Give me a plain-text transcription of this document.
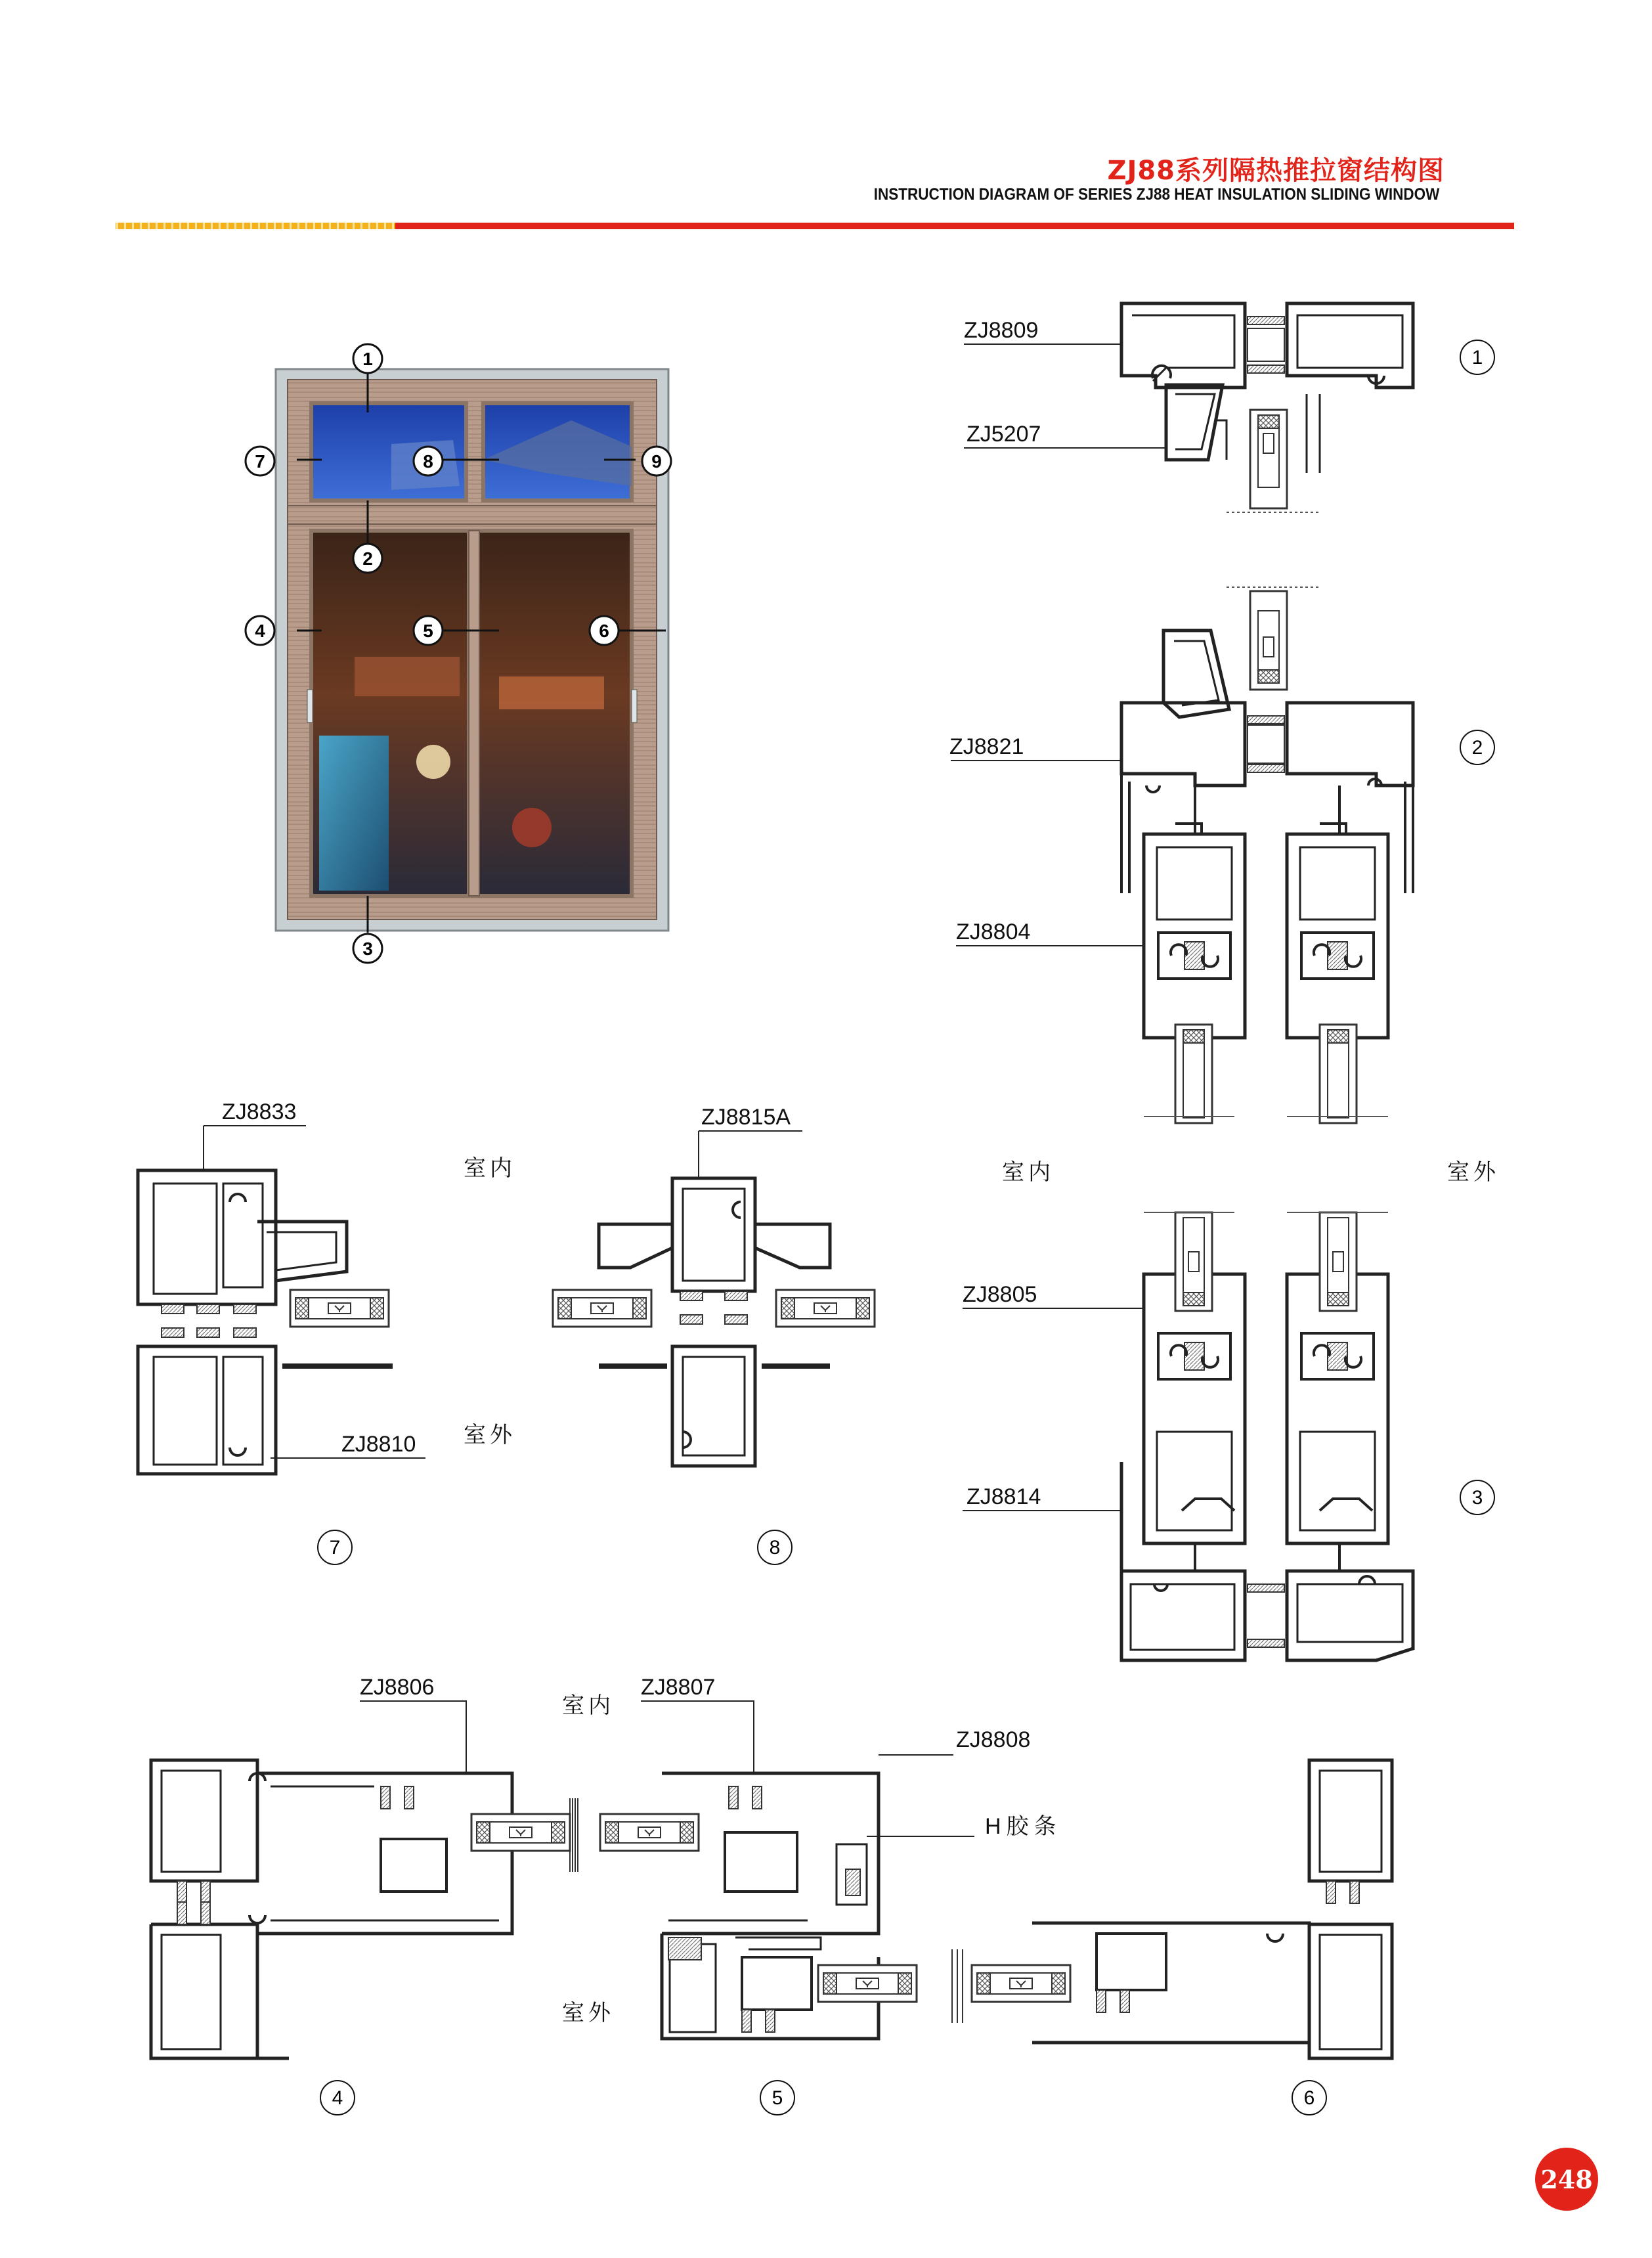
ZJ88系列隔热推拉窗结构图
INSTRUCTION DIAGRAM OF SERIES ZJ88 HEAT INSULATION SLIDING WINDOW
248
1
2
3
4	5	6
7	8	9
1
2
3
4	5	6
7	8
ZJ8809
ZJ5207
ZJ8821
ZJ8804
ZJ8805
ZJ8814
ZJ8833
ZJ8810
ZJ8815A
ZJ8806	ZJ8807
ZJ8808
H胶条
室内
室外
室内	室外
室内
室外
